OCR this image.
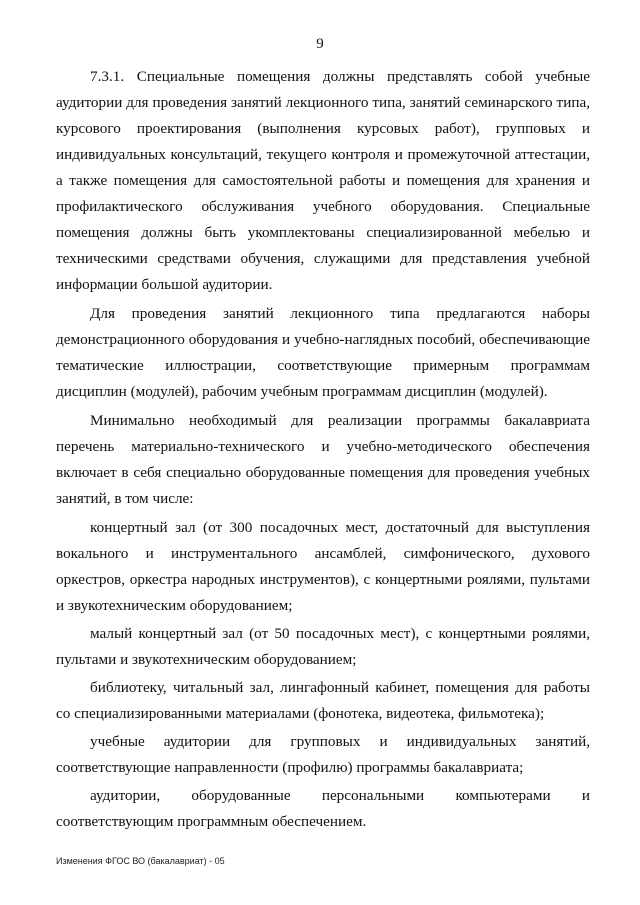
9

7.3.1. Специальные помещения должны представлять собой учебные аудитории для проведения занятий лекционного типа, занятий семинарского типа, курсового проектирования (выполнения курсовых работ), групповых и индивидуальных консультаций, текущего контроля и промежуточной аттестации, а также помещения для самостоятельной работы и помещения для хранения и профилактического обслуживания учебного оборудования. Специальные помещения должны быть укомплектованы специализированной мебелью и техническими средствами обучения, служащими для представления учебной информации большой аудитории.

Для проведения занятий лекционного типа предлагаются наборы демонстрационного оборудования и учебно-наглядных пособий, обеспечивающие тематические иллюстрации, соответствующие примерным программам дисциплин (модулей), рабочим учебным программам дисциплин (модулей).

Минимально необходимый для реализации программы бакалавриата перечень материально-технического и учебно-методического обеспечения включает в себя специально оборудованные помещения для проведения учебных занятий, в том числе:

концертный зал (от 300 посадочных мест, достаточный для выступления вокального и инструментального ансамблей, симфонического, духового оркестров, оркестра народных инструментов), с концертными роялями, пультами и звукотехническим оборудованием;

малый концертный зал (от 50 посадочных мест), с концертными роялями, пультами и звукотехническим оборудованием;

библиотеку, читальный зал, лингафонный кабинет, помещения для работы со специализированными материалами (фонотека, видеотека, фильмотека);

учебные аудитории для групповых и индивидуальных занятий, соответствующие направленности (профилю) программы бакалавриата;

аудитории, оборудованные персональными компьютерами и соответствующим программным обеспечением.

Изменения ФГОС ВО (бакалавриат) - 05
